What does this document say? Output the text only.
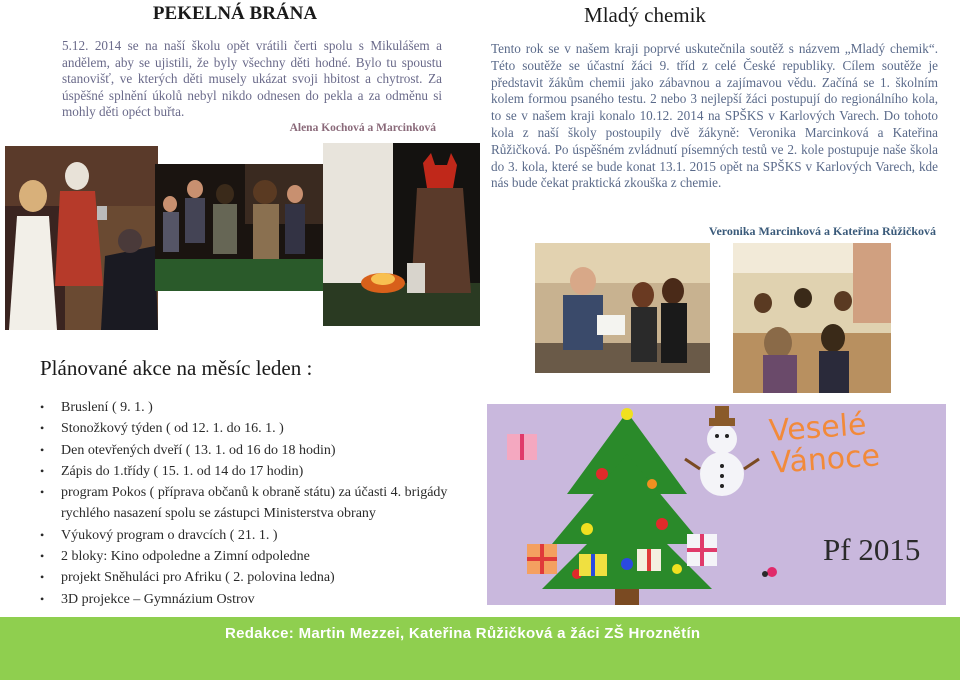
PEKELNÁ BRÁNA
5.12. 2014 se na naší školu opět vrátili čerti spolu s Mikulášem a andělem, aby se ujistili, že byly všechny děti hodné. Bylo tu spoustu stanovišť, ve kterých děti musely ukázat svoji hbitost a chytrost. Za úspěšné splnění úkolů nebyl nikdo odnesen do pekla a za odměnu si mohly děti opéct buřta.
Alena Kochová a Marcinková
Mladý chemik
Tento rok se v našem kraji poprvé uskutečnila soutěž s názvem „Mladý chemik“. Této soutěže se účastní žáci 9. tříd z celé České republiky. Cílem soutěže je představit žákům chemii jako zábavnou a zajímavou vědu. Začíná se 1. školním kolem formou psaného testu. 2 nebo 3 nejlepší žáci postupují do regionálního kola, to se v našem kraji konalo 10.12. 2014 na SPŠKS v Karlových Varech. Do tohoto kola z naší školy postoupily dvě žákyně: Veronika Marcinková a Kateřina Růžičková. Po úspěšném zvládnutí písemných testů ve 2. kole postupuje naše škola do 3. kola, které se bude konat 13.1. 2015 opět na SPŠKS v Karlových Varech, kde nás bude čekat praktická zkouška z chemie.
Veronika Marcinková a Kateřina Růžičková
Plánované akce na měsíc leden :
• Bruslení ( 9. 1. )
• Stonožkový týden ( od 12. 1. do 16. 1. )
• Den otevřených dveří ( 13. 1. od 16 do 18 hodin)
• Zápis do 1.třídy ( 15. 1. od 14 do 17 hodin)
• program Pokos ( příprava občanů k obraně státu) za účasti 4. brigády rychlého nasazení spolu se zástupci Ministerstva obrany
• Výukový program o dravcích ( 21. 1. )
• 2 bloky: Kino odpoledne a Zimní odpoledne
• projekt Sněhuláci pro Afriku ( 2. polovina ledna)
• 3D projekce – Gymnázium Ostrov
Veselé Vánoce
Pf 2015
Redakce: Martin Mezzei, Kateřina Růžičková a žáci ZŠ Hroznětín
